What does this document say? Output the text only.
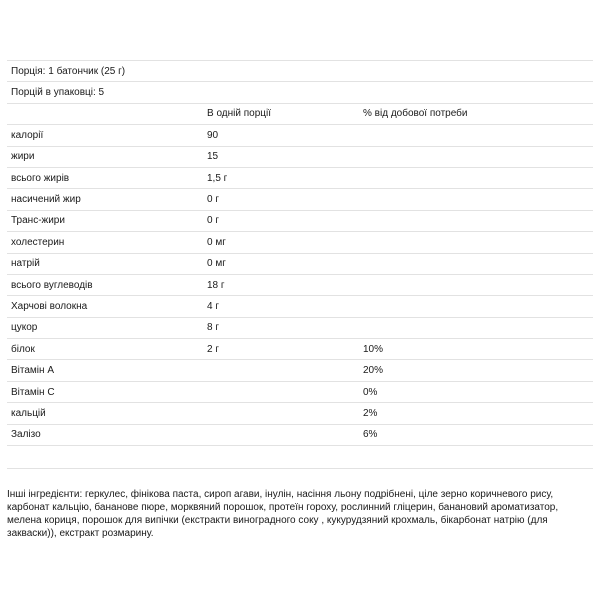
Порція: 1 батончик (25 г)		
Порцій в упаковці: 5		
	В одній порції	% від добової потреби
калорії	90	
жири	15	
всього жирів	1,5 г	
насичений жир	0 г	
Транс-жири	0 г	
холестерин	0 мг	
натрій	0 мг	
всього вуглеводів	18 г	
Харчові волокна	4 г	
цукор	8 г	
білок	2 г	10%
Вітамін А		20%
Вітамін С		0%
кальцій		2%
Залізо		6%

Інші інгредієнти: геркулес, фінікова паста, сироп агави, інулін, насіння льону подрібнені, ціле зерно коричневого рису, карбонат кальцію, бананове пюре, морквяний порошок, протеїн гороху, рослинний гліцерин, банановий ароматизатор, мелена кориця, порошок для випічки (екстракти виноградного соку , кукурудзяний крохмаль, бікарбонат натрію (для закваски)), екстракт розмарину.
